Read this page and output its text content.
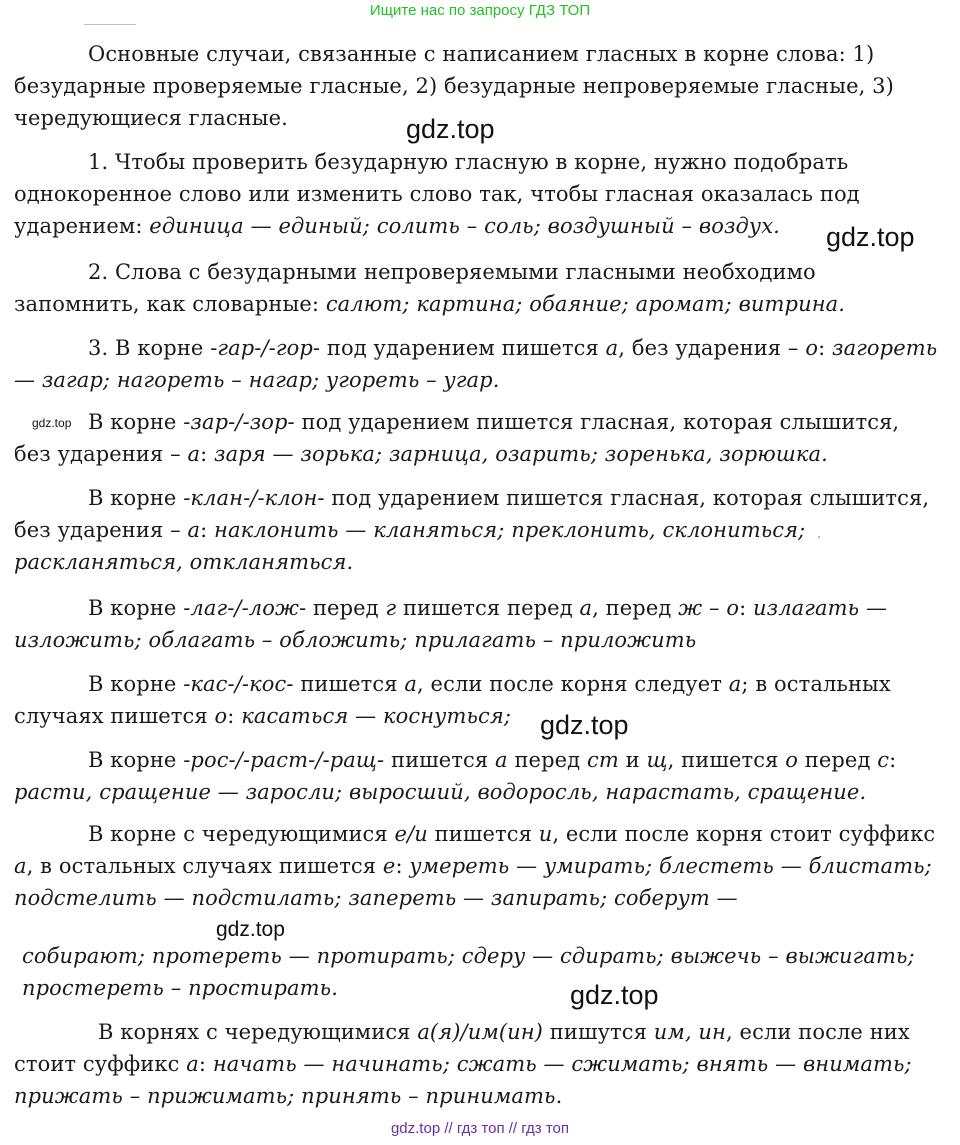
Ищите нас по запросу ГДЗ ТОП

Основные случаи, связанные с написанием гласных в корне слова: 1) безударные проверяемые гласные, 2) безударные непроверяемые гласные, 3) чередующиеся гласные.	gdz.top

1. Чтобы проверить безударную гласную в корне, нужно подобрать однокоренное слово или изменить слово так, чтобы гласная оказалась под ударением: единица — единый; солить – соль; воздушный – воздух.	gdz.top

2. Слова с безударными непроверяемыми гласными необходимо запомнить, как словарные: салют; картина; обаяние; аромат; витрина.

3. В корне -гар-/-гор- под ударением пишется а, без ударения – о: загореть — загар; нагореть – нагар; угореть – угар.

gdz.top В корне -зар-/-зор- под ударением пишется гласная, которая слышится, без ударения – а: заря — зорька; зарница, озарить; зоренька, зорюшка.

В корне -клан-/-клон- под ударением пишется гласная, которая слышится, без ударения – а: наклонить — кланяться; преклонить, склониться; раскланяться, откланяться.

В корне -лаг-/-лож- перед г пишется перед а, перед ж – о: излагать — изложить; облагать – обложить; прилагать – приложить

В корне -кас-/-кос- пишется а, если после корня следует а; в остальных случаях пишется о: касаться — коснуться;	gdz.top

В корне -рос-/-раст-/-ращ- пишется а перед ст и щ, пишется о перед с: расти, сращение — заросли; выросший, водоросль, нарастать, сращение.

В корне с чередующимися е/и пишется и, если после корня стоит суффикс а, в остальных случаях пишется е: умереть — умирать; блестеть — блистать; подстелить — подстилать; запереть — запирать; соберут —

gdz.top

собирают; протереть — протирать; сдеру — сдирать; выжечь – выжигать; простереть – простирать.	gdz.top

В корнях с чередующимися а(я)/им(ин) пишутся им, ин, если после них стоит суффикс а: начать — начинать; сжать — сжимать; внять — внимать; прижать – прижимать; принять – принимать.

gdz.top // гдз топ // гдз топ
